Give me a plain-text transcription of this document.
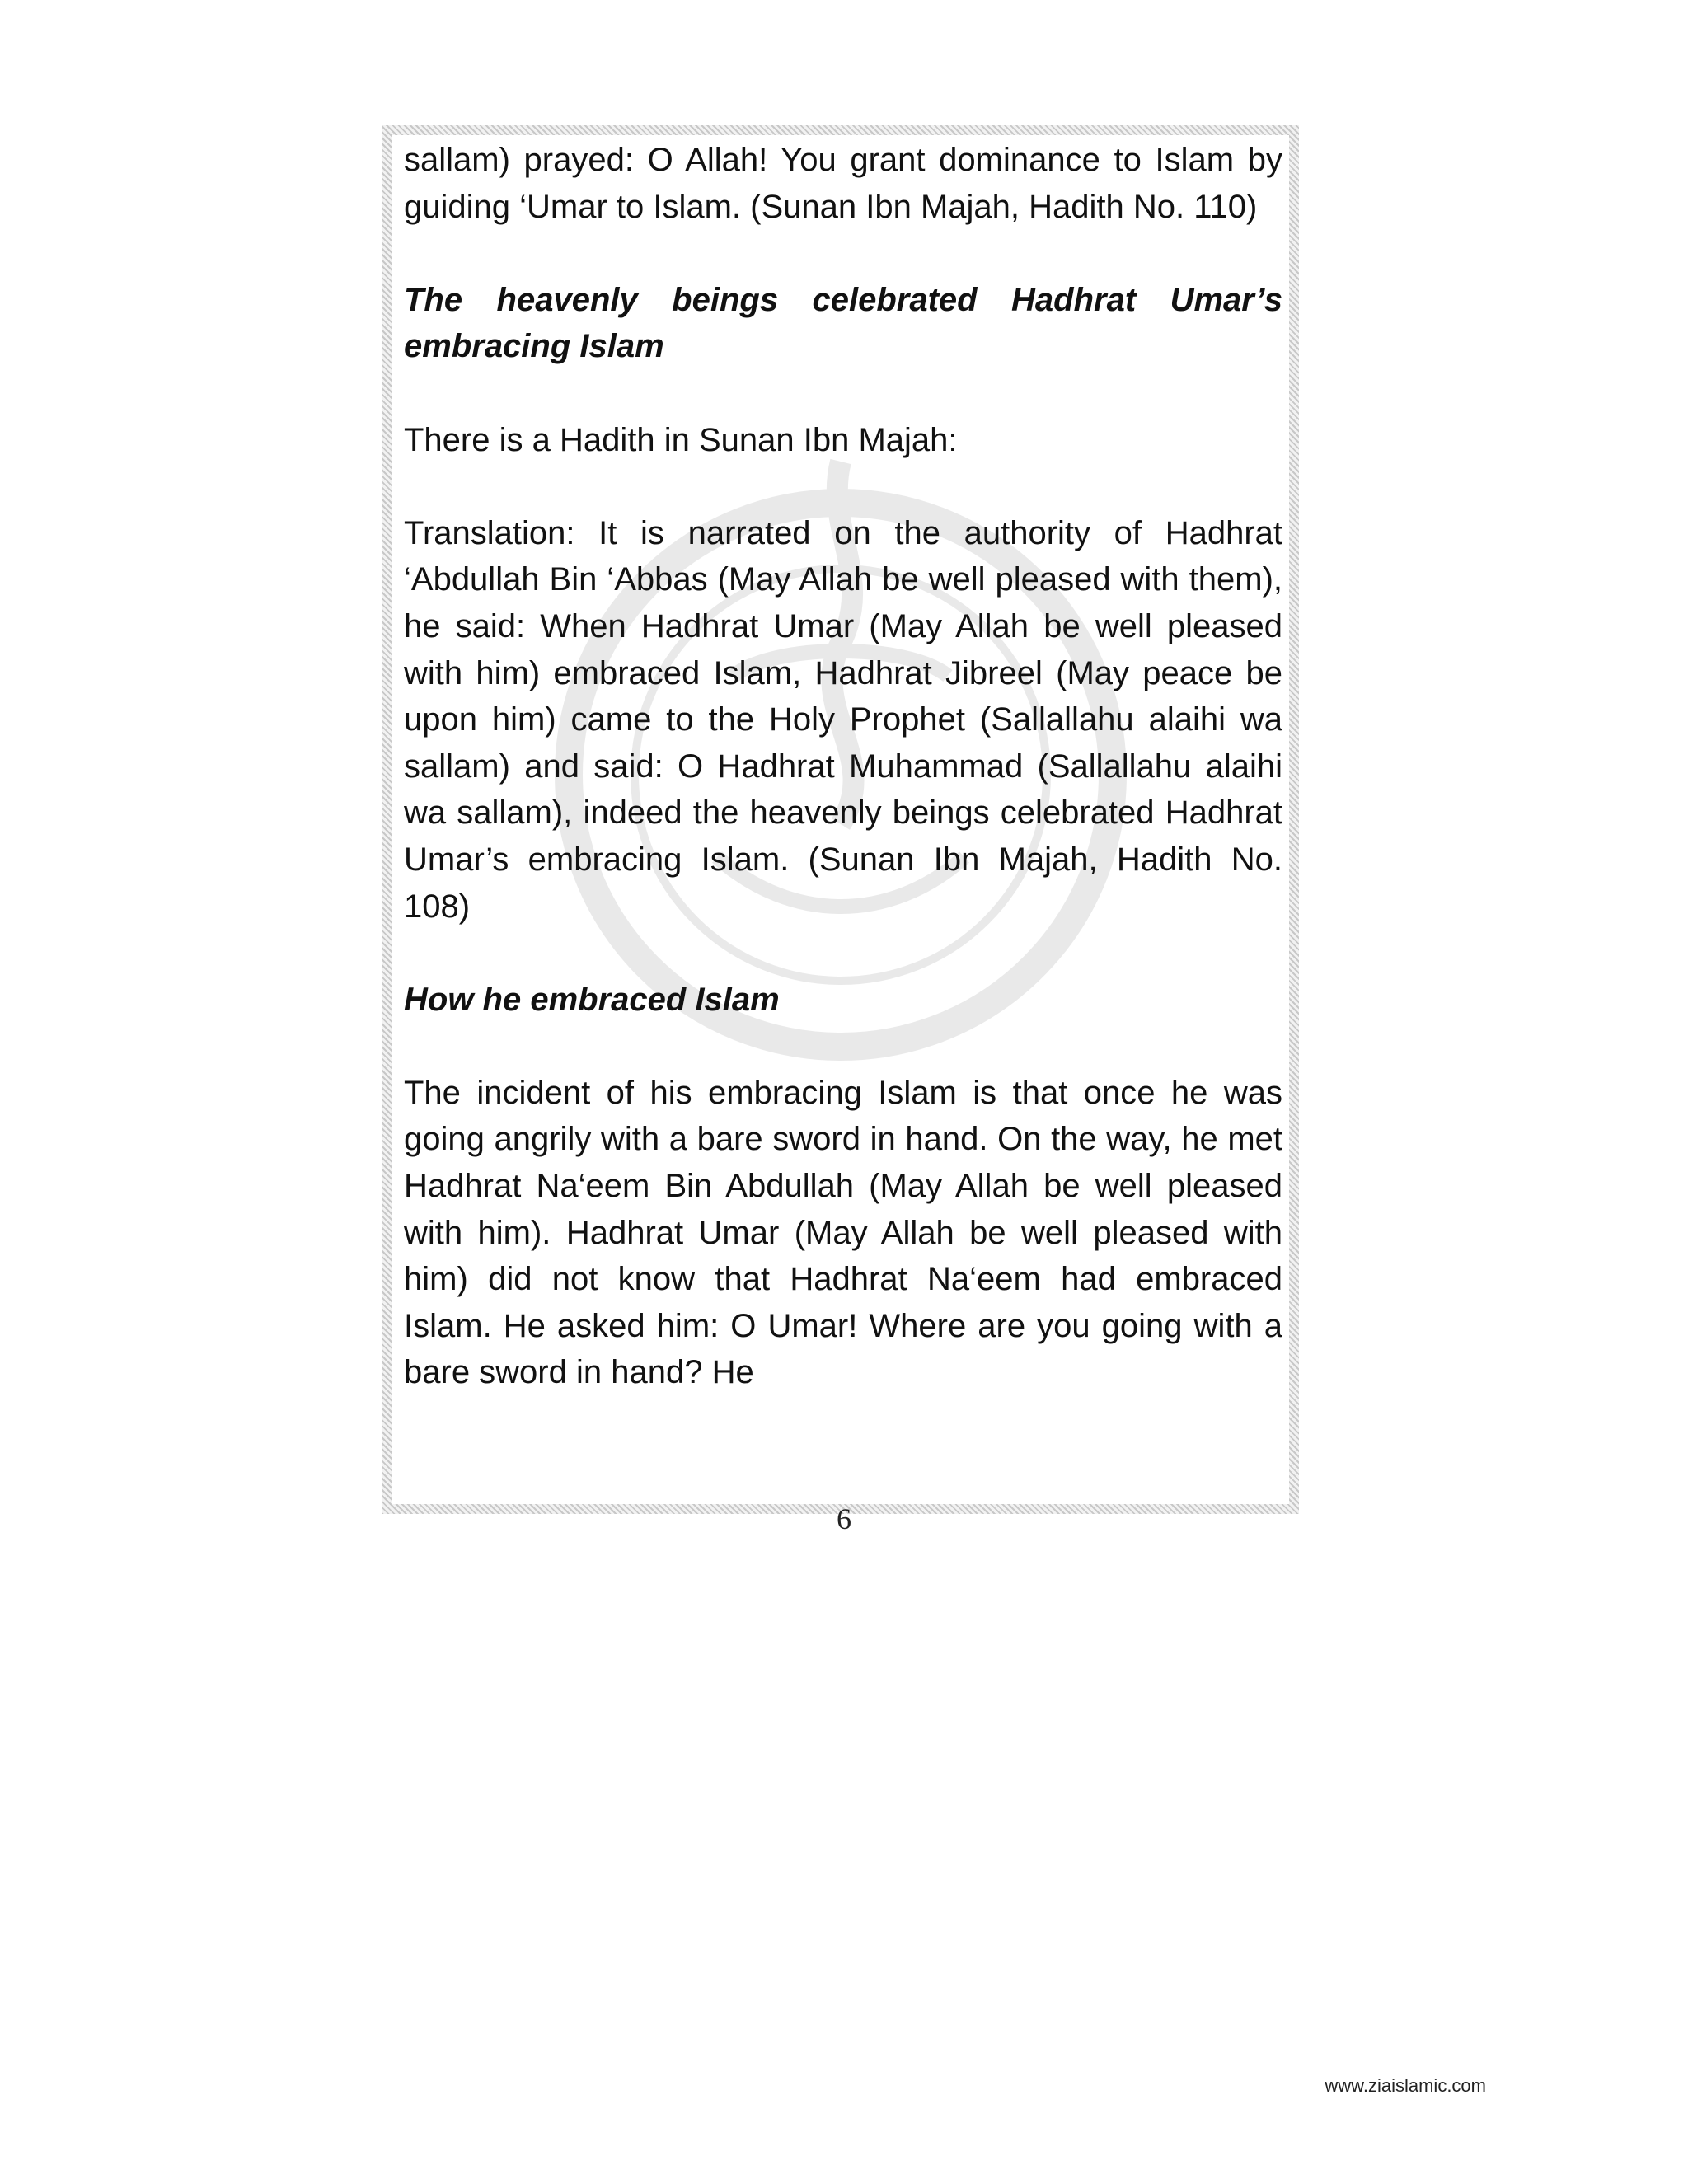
sallam) prayed: O Allah! You grant dominance to Islam by guiding ‘Umar to Islam. (Sunan Ibn Majah, Hadith No. 110)

The heavenly beings celebrated Hadhrat Umar’s embracing Islam

There is a Hadith in Sunan Ibn Majah:

Translation: It is narrated on the authority of Hadhrat ‘Abdullah Bin ‘Abbas (May Allah be well pleased with them), he said: When Hadhrat Umar (May Allah be well pleased with him) embraced Islam, Hadhrat Jibreel (May peace be upon him) came to the Holy Prophet (Sallallahu alaihi wa sallam) and said: O Hadhrat Muhammad (Sallallahu alaihi wa sallam), indeed the heavenly beings celebrated Hadhrat Umar’s embracing Islam. (Sunan Ibn Majah, Hadith No. 108)

How he embraced Islam

The incident of his embracing Islam is that once he was going angrily with a bare sword in hand. On the way, he met Hadhrat Na‘eem Bin Abdullah (May Allah be well pleased with him). Hadhrat Umar (May Allah be well pleased with him) did not know that Hadhrat Na‘eem had embraced Islam. He asked him: O Umar! Where are you going with a bare sword in hand? He

6
www.ziaislamic.com
